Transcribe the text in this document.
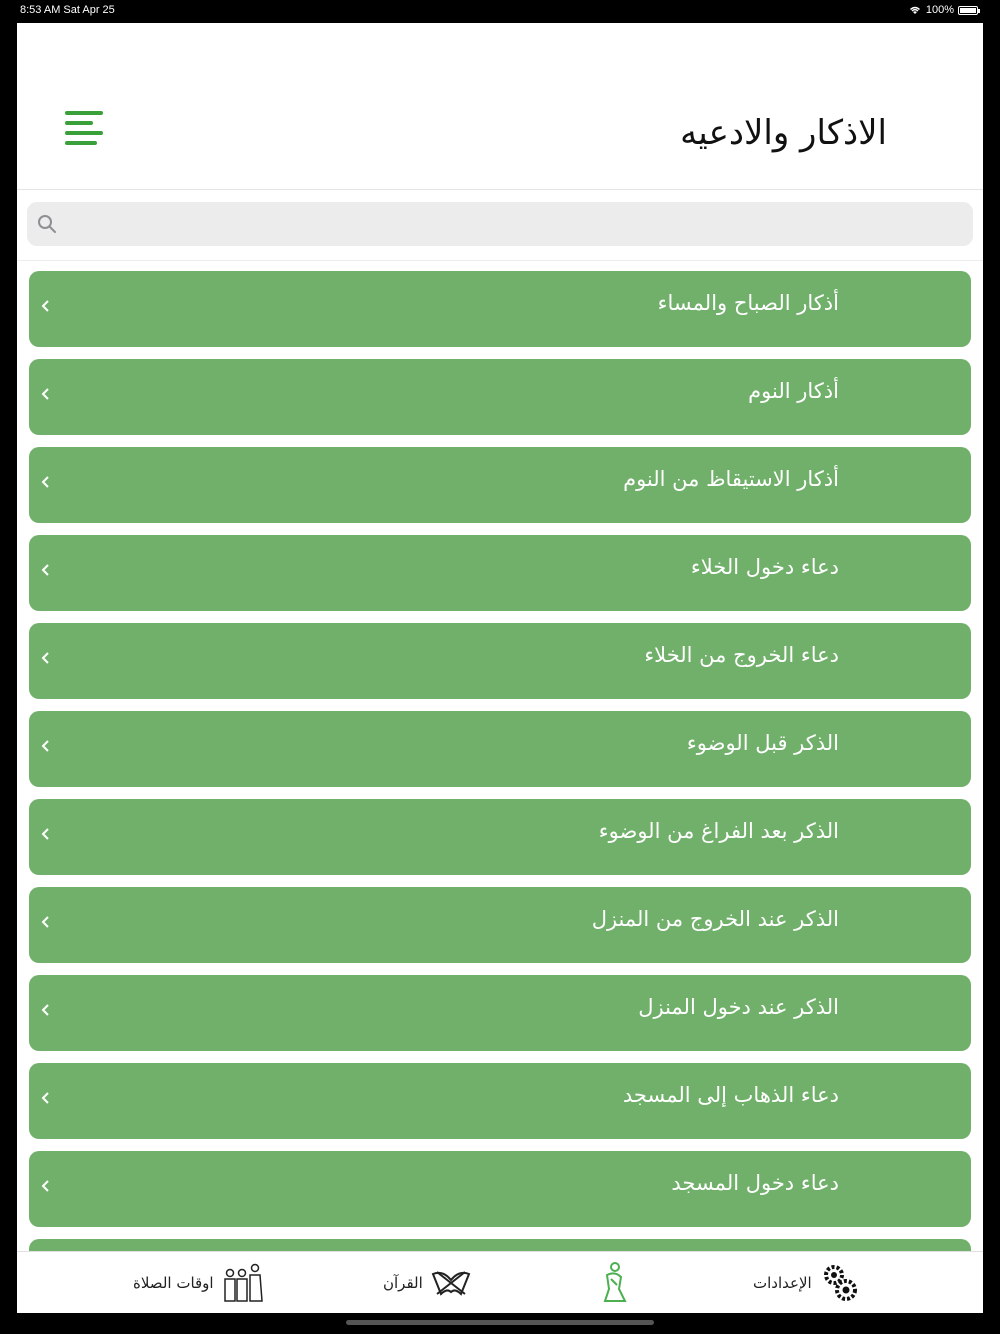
8:53 AM Sat Apr 25	100%
الاذكار والادعيه
أذكار الصباح والمساء
أذكار النوم
أذكار الاستيقاظ من النوم
دعاء دخول الخلاء
دعاء الخروج من الخلاء
الذكر قبل الوضوء
الذكر بعد الفراغ من الوضوء
الذكر عند الخروج من المنزل
الذكر عند دخول المنزل
دعاء الذهاب إلى المسجد
دعاء دخول المسجد
الإعدادات
القرآن
اوقات الصلاة
